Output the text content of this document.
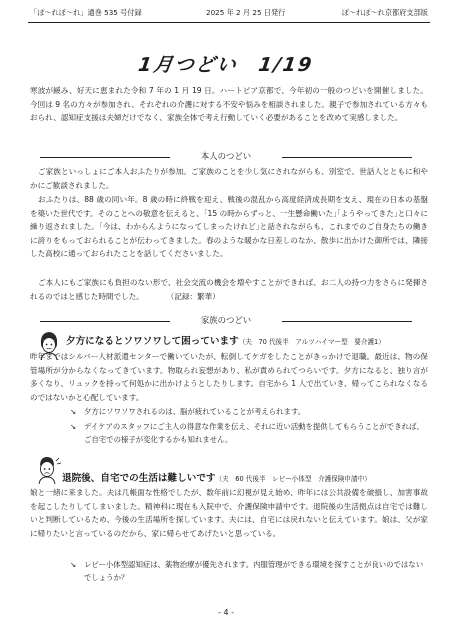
「ぽ～れぽ～れ」通巻 535 号付録	2025 年 2 月 25 日発行	ぽ～れぽ～れ京都府支部版
1月つどい　1/19

寒波が緩み、好天に恵まれた令和 7 年の 1 月 19 日。ハートピア京都で、今年初の一般のつどいを開催しました。今回は 9 名の方々が参加され、それぞれの介護に対する不安や悩みを相談されました。親子で参加されている方々もおられ、認知症支援は夫婦だけでなく、家族全体で考え行動していく必要があることを改めて実感しました。

本人のつどい

ご家族といっしょにご本人おふたりが参加。ご家族のことを少し気にされながらも、別室で、世話人とともに和やかにご歓談されました。

おふたりは、88 歳の同い年。8 歳の時に終戦を迎え、戦後の混乱から高度経済成長期を支え、現在の日本の基盤を築いた世代です。そのことへの敬意を伝えると、｢15 の時からずっと、一生懸命働いた｣｢ようやってきた｣と口々に繰り返されました。｢今は、わからんようになってしまったけれど｣と話されながらも、これまでのご自身たちの働きに誇りをもっておられることが伝わってきました。春のような暖かな日差しのなか、散歩に出かけた御所では、隣接した高校に通っておられたことを話してくださいました。

ご本人にもご家族にも負担のない形で、社会交流の機会を増やすことができれば、お二人の持つ力をさらに発揮されるのではと感じた時間でした。　　　　（記録：繁華）

家族のつどい
夕方になるとソワソワして困っています（夫　70 代後半　アルツハイマー型　要介護1）

昨年まではシルバー人材派遣センターで働いていたが、転倒してケガをしたことがきっかけで退職。最近は、物の保管場所が分からなくなってきています。物取られ妄想があり、私が責められてつらいです。夕方になると、独り言が多くなり、リュックを持って何処かに出かけようとしたりします。自宅から 1 人で出ていき、帰ってこられなくなるのではないかと心配しています。

↘ 夕方にソワソワされるのは、脳が疲れていることが考えられます。
↘ デイケアのスタッフにご主人の得意な作業を伝え、それに近い活動を提供してもらうことができれば、ご自宅での様子が変化するかも知れません。
退院後、自宅での生活は難しいです（夫　60 代後半　レビー小体型　介護保険申請中）

娘と一緒に来ました。夫は几帳面な性格でしたが、数年前に幻視が見え始め、昨年には公共設備を破損し、加害事故を起こしたりしてしまいました。精神科に現在も入院中で、介護保険申請中です。退院後の生活拠点は自宅では難しいと判断しているため、今後の生活場所を探しています。夫には、自宅には戻れないと伝えています。娘は、父が家に帰りたいと言っているのだから、家に帰らせてあげたいと思っている。

↘ レビー小体型認知症は、薬物治療が優先されます。内服管理ができる環境を探すことが良いのではないでしょうか？
- 4 -
